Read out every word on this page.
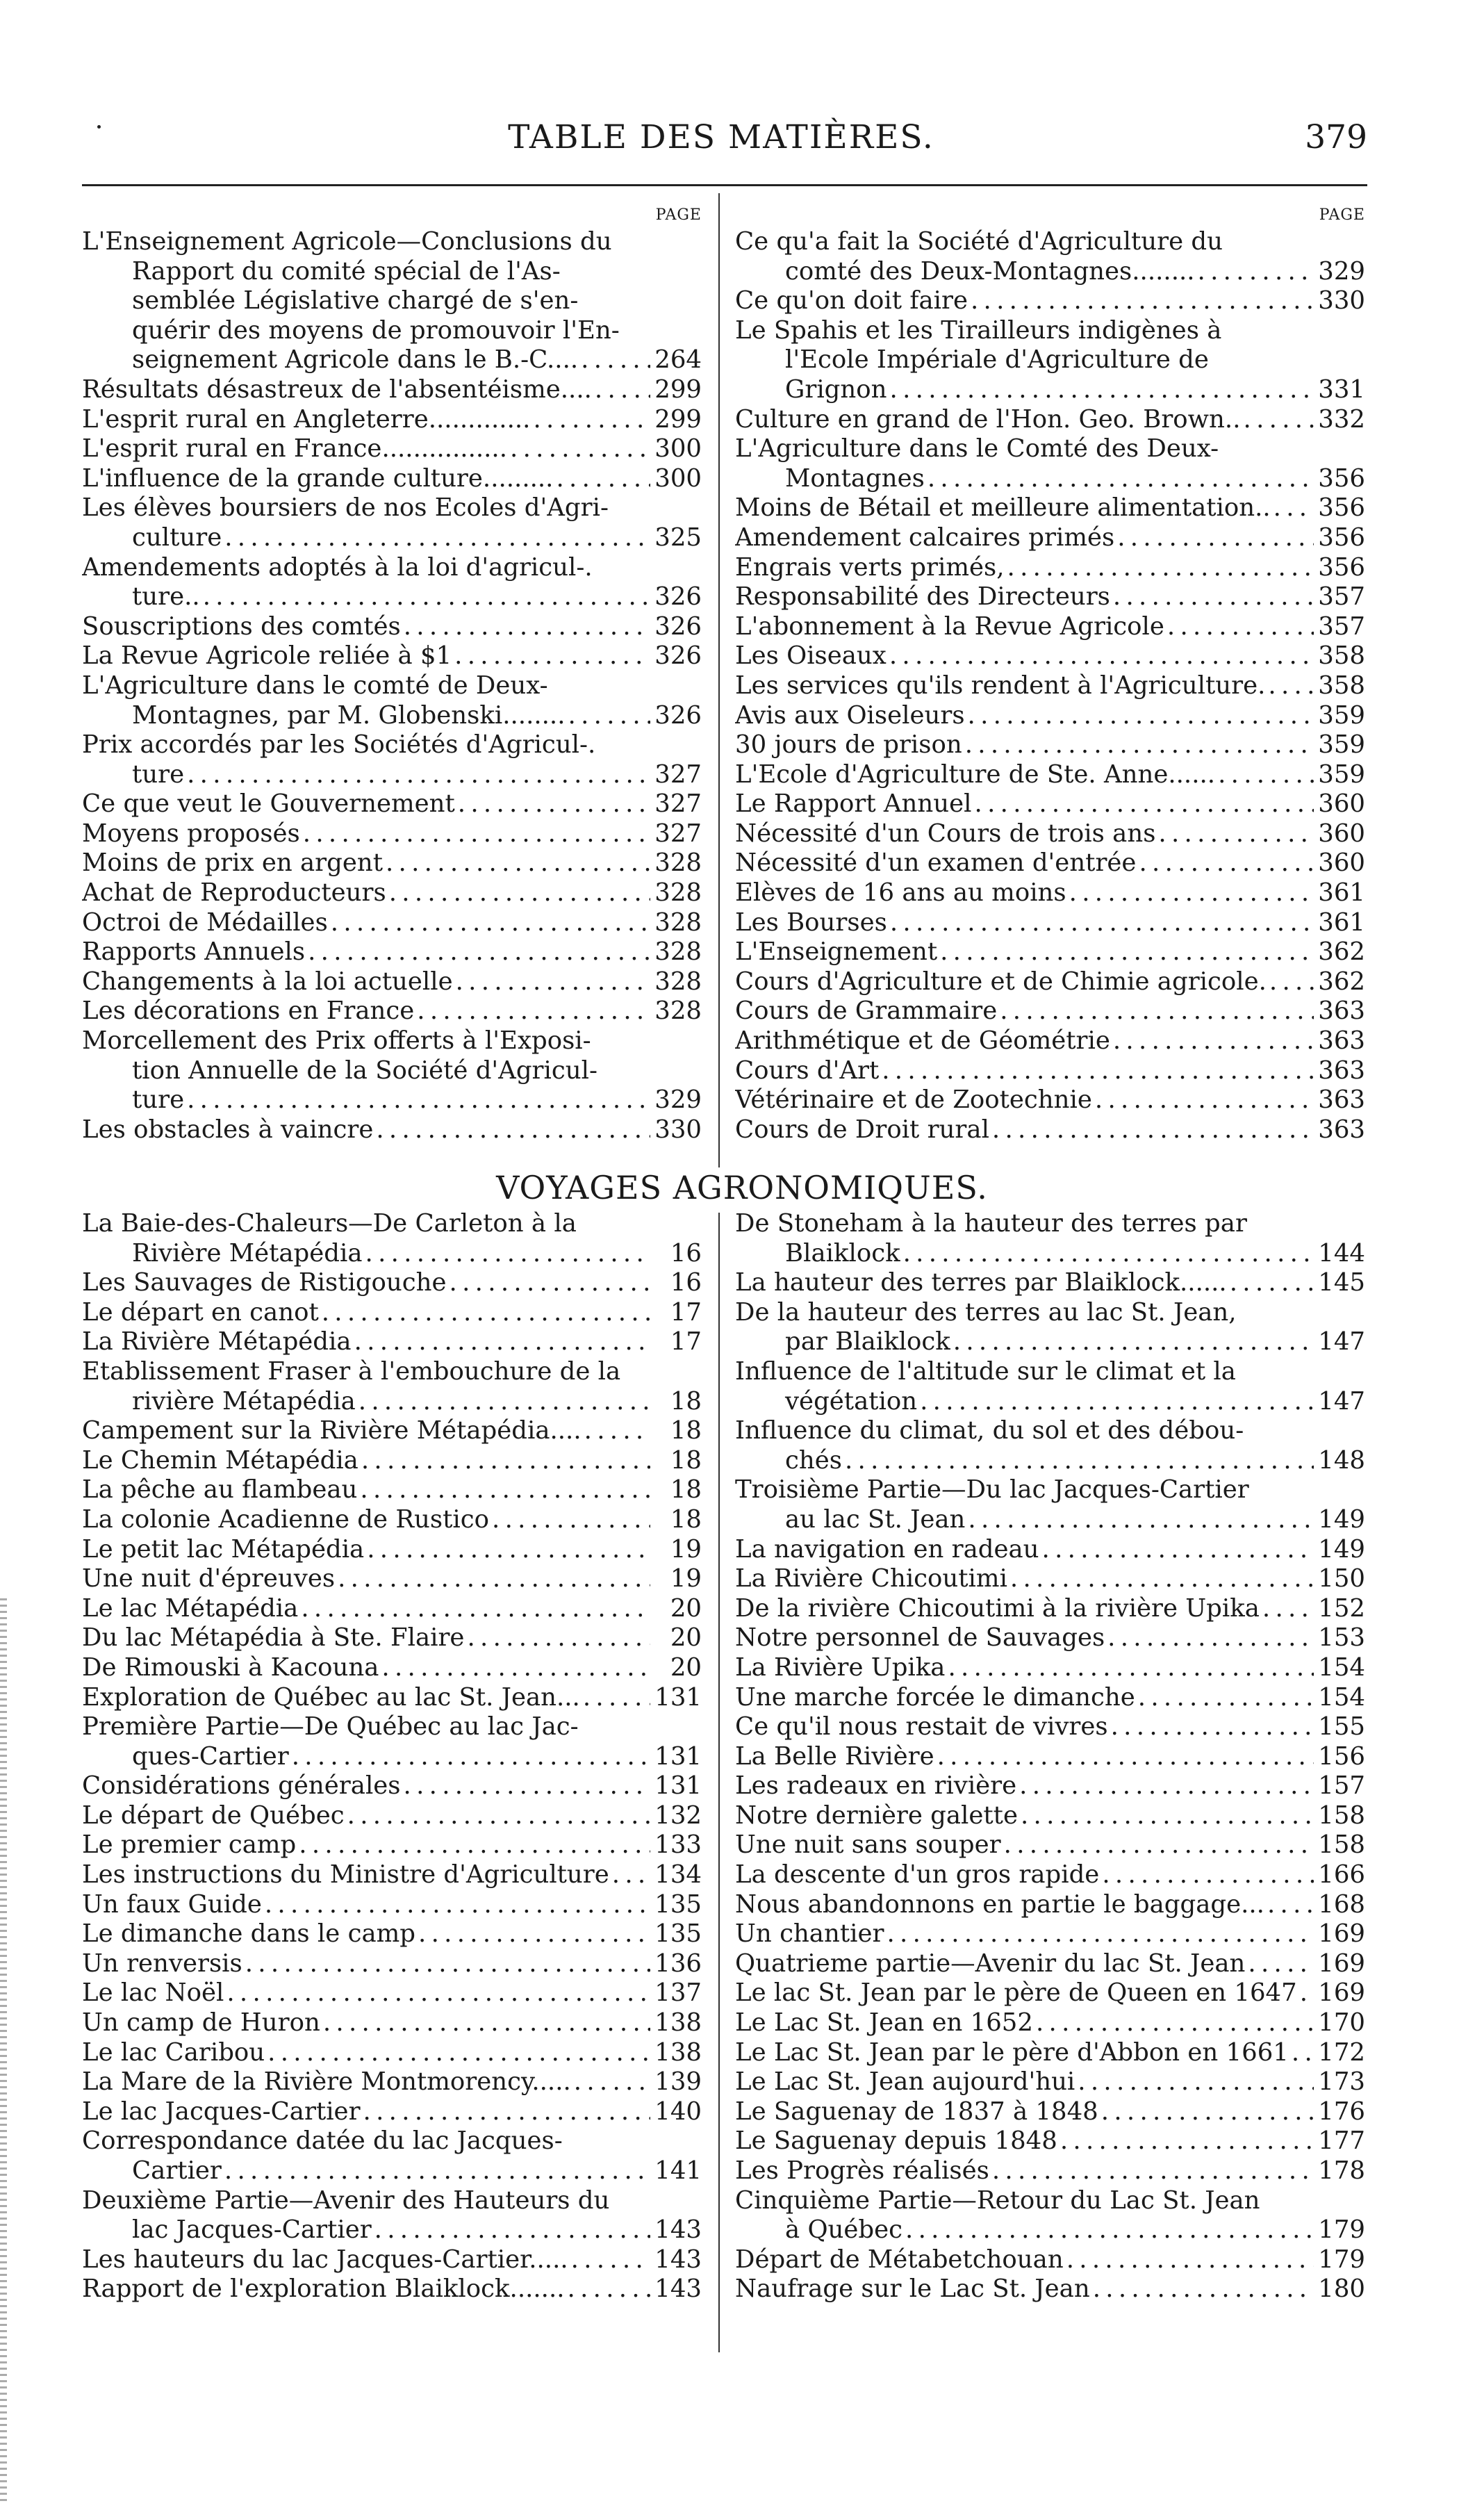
TABLE DES MATIÈRES.	379
PAGE
L'Enseignement Agricole—Conclusions du
Rapport du comité spécial de l'As-
semblée Législative chargé de s'en-
quérir des moyens de promouvoir l'En-
seignement Agricole dans le B.-C.... . . .	264
Résultats désastreux de l'absentéisme.... . . .	299
L'esprit rural en Angleterre............. . . .	299
L'esprit rural en France................ . . .	300
L'influence de la grande culture......... . . .	300
Les élèves boursiers de nos Ecoles d'Agri-
culture . . .	325
Amendements adoptés à la loi d'agricul-.
ture.. . . .	326
Souscriptions des comtés . . .	326
La Revue Agricole reliée à $1 . . .	326
L'Agriculture dans le comté de Deux-
Montagnes, par M. Globenski........ . . .	326
Prix accordés par les Sociétés d'Agricul-.
ture . . .	327
Ce que veut le Gouvernement . . .	327
Moyens proposés . . .	327
Moins de prix en argent . . .	328
Achat de Reproducteurs . . .	328
Octroi de Médailles . . .	328
Rapports Annuels . . .	328
Changements à la loi actuelle . . .	328
Les décorations en France . . .	328
Morcellement des Prix offerts à l'Exposi-
tion Annuelle de la Société d'Agricul-
ture . . .	329
Les obstacles à vaincre . . .	330
PAGE
Ce qu'a fait la Société d'Agriculture du
comté des Deux-Montagnes........ . . .	329
Ce qu'on doit faire . . .	330
Le Spahis et les Tirailleurs indigènes à
l'Ecole Impériale d'Agriculture de
Grignon . . .	331
Culture en grand de l'Hon. Geo. Brown.. . . .	332
L'Agriculture dans le Comté des Deux-
Montagnes . . .	356
Moins de Bétail et meilleure alimentation.. . . . 356
Amendement calcaires primés . . .	356
Engrais verts primés, . . .	356
Responsabilité des Directeurs . . .	357
L'abonnement à la Revue Agricole . . .	357
Les Oiseaux . . .	358
Les services qu'ils rendent à l'Agriculture. . . . 358
Avis aux Oiseleurs . . .	359
30 jours de prison . . .	359
L'Ecole d'Agriculture de Ste. Anne...... . . .	359
Le Rapport Annuel . . .	360
Nécessité d'un Cours de trois ans . . .	360
Nécessité d'un examen d'entrée . . .	360
Elèves de 16 ans au moins . . .	361
Les Bourses . . .	361
L'Enseignement . . .	362
Cours d'Agriculture et de Chimie agricole. . . . 362
Cours de Grammaire . . .	363
Arithmétique et de Géométrie . . .	363
Cours d'Art . . .	363
Vétérinaire et de Zootechnie . . .	363
Cours de Droit rural . . .	363
VOYAGES AGRONOMIQUES.
La Baie-des-Chaleurs—De Carleton à la
Rivière Métapédia . . .	16
Les Sauvages de Ristigouche . . .	16
Le départ en canot . . .	17
La Rivière Métapédia . . .	17
Etablissement Fraser à l'embouchure de la
rivière Métapédia . . .	18
Campement sur la Rivière Métapédia.... . . .	18
Le Chemin Métapédia . . .	18
La pêche au flambeau . . .	18
La colonie Acadienne de Rustico . . .	18
Le petit lac Métapédia . . .	19
Une nuit d'épreuves . . .	19
Le lac Métapédia . . .	20
Du lac Métapédia à Ste. Flaire . . .	20
De Rimouski à Kacouna . . .	20
Exploration de Québec au lac St. Jean... . . .	131
Première Partie—De Québec au lac Jac-
ques-Cartier . . .	131
Considérations générales . . .	131
Le départ de Québec . . .	132
Le premier camp . . .	133
Les instructions du Ministre d'Agriculture . . . 134
Un faux Guide . . .	135
Le dimanche dans le camp . . .	135
Un renversis . . .	136
Le lac Noël . . .	137
Un camp de Huron . . .	138
Le lac Caribou . . .	138
La Mare de la Rivière Montmorency..... . . .	139
Le lac Jacques-Cartier . . .	140
Correspondance datée du lac Jacques-
Cartier . . .	141
Deuxième Partie—Avenir des Hauteurs du
lac Jacques-Cartier . . .	143
Les hauteurs du lac Jacques-Cartier..... . . .	143
Rapport de l'exploration Blaiklock....... . . .	143
De Stoneham à la hauteur des terres par
Blaiklock . . .	144
La hauteur des terres par Blaiklock...... . . .	145
De la hauteur des terres au lac St. Jean,
par Blaiklock . . .	147
Influence de l'altitude sur le climat et la
végétation . . .	147
Influence du climat, du sol et des débou-
chés . . .	148
Troisième Partie—Du lac Jacques-Cartier
au lac St. Jean . . .	149
La navigation en radeau . . .	149
La Rivière Chicoutimi . . .	150
De la rivière Chicoutimi à la rivière Upika . . . 152
Notre personnel de Sauvages . . .	153
La Rivière Upika . . .	154
Une marche forcée le dimanche . . .	154
Ce qu'il nous restait de vivres . . .	155
La Belle Rivière . . .	156
Les radeaux en rivière . . .	157
Notre dernière galette . . .	158
Une nuit sans souper . . .	158
La descente d'un gros rapide . . .	166
Nous abandonnons en partie le baggage... . . . 168
Un chantier . . .	169
Quatrieme partie—Avenir du lac St. Jean . . .	169
Le lac St. Jean par le père de Queen en 1647 . . . 169
Le Lac St. Jean en 1652 . . .	170
Le Lac St. Jean par le père d'Abbon en 1661 . . . 172
Le Lac St. Jean aujourd'hui . . .	173
Le Saguenay de 1837 à 1848 . . .	176
Le Saguenay depuis 1848 . . .	177
Les Progrès réalisés . . .	178
Cinquième Partie—Retour du Lac St. Jean
à Québec . . .	179
Départ de Métabetchouan . . .	179
Naufrage sur le Lac St. Jean . . .	180
